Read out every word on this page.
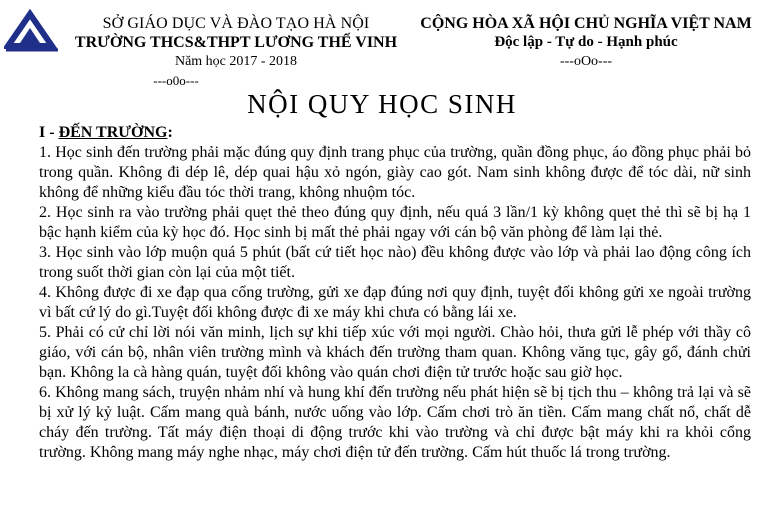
SỞ GIÁO DỤC VÀ ĐÀO TẠO HÀ NỘI
TRƯỜNG THCS&THPT LƯƠNG THẾ VINH
Năm học 2017 - 2018
---o0o---
CỘNG HÒA XÃ HỘI CHỦ NGHĨA VIỆT NAM
Độc lập - Tự do - Hạnh phúc
---oOo---
NỘI QUY HỌC SINH
I - ĐẾN TRƯỜNG:

1. Học sinh đến trường phải mặc đúng quy định trang phục của trường, quần đồng phục, áo đồng phục phải bỏ trong quần. Không đi dép lê, dép quai hậu xỏ ngón, giày cao gót. Nam sinh không được để tóc dài, nữ sinh không để những kiểu đầu tóc thời trang, không nhuộm tóc.

2. Học sinh ra vào trường phải quẹt thẻ theo đúng quy định, nếu quá 3 lần/1 kỳ không quẹt thẻ thì sẽ bị hạ 1 bậc hạnh kiểm của kỳ học đó. Học sinh bị mất thẻ phải ngay với cán bộ văn phòng để làm lại thẻ.

3. Học sinh vào lớp muộn quá 5 phút (bất cứ tiết học nào) đều không được vào lớp và phải lao động công ích trong suốt thời gian còn lại của một tiết.

4. Không được đi xe đạp qua cổng trường, gửi xe đạp đúng nơi quy định, tuyệt đối không gửi xe ngoài trường vì bất cứ lý do gì.Tuyệt đối không được đi xe máy khi chưa có bằng lái xe.

5. Phải có cử chỉ lời nói văn minh, lịch sự khi tiếp xúc với mọi người. Chào hỏi, thưa gửi lễ phép với thầy cô giáo, với cán bộ, nhân viên trường mình và khách đến trường tham quan. Không văng tục, gây gổ, đánh chửi bạn. Không la cà hàng quán, tuyệt đối không vào quán chơi điện tử trước hoặc sau giờ học.

6. Không mang sách, truyện nhảm nhí và hung khí đến trường nếu phát hiện sẽ bị tịch thu – không trả lại và sẽ bị xử lý kỷ luật. Cấm mang quà bánh, nước uống vào lớp. Cấm chơi trò ăn tiền. Cấm mang chất nổ, chất dễ cháy đến trường. Tất máy điện thoại di động trước khi vào trường và chỉ được bật máy khi ra khỏi cổng trường. Không mang máy nghe nhạc, máy chơi điện tử đến trường. Cấm hút thuốc lá trong trường.
